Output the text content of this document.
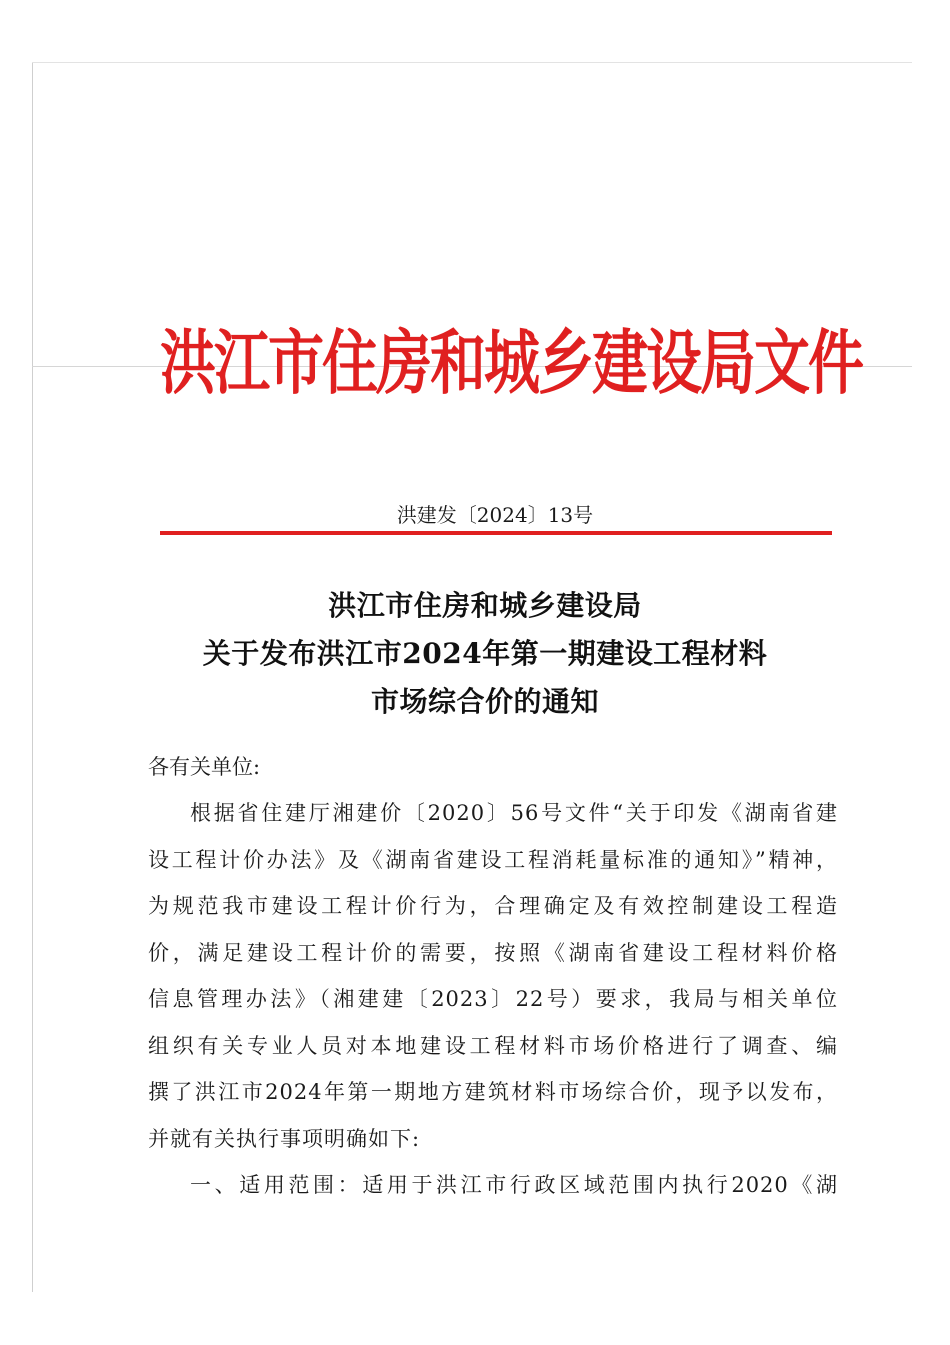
洪江市住房和城乡建设局文件
洪建发〔2024〕13号
洪江市住房和城乡建设局
关于发布洪江市2024年第一期建设工程材料
市场综合价的通知
各有关单位:
根据省住建厅湘建价〔2020〕56号文件“关于印发《湖南省建
设工程计价办法》及《湖南省建设工程消耗量标准的通知》”精神，
为规范我市建设工程计价行为，合理确定及有效控制建设工程造
价，满足建设工程计价的需要，按照《湖南省建设工程材料价格
信息管理办法》（湘建建〔2023〕22号）要求，我局与相关单位
组织有关专业人员对本地建设工程材料市场价格进行了调查、编
撰了洪江市2024年第一期地方建筑材料市场综合价，现予以发布，
并就有关执行事项明确如下:
一、适用范围：适用于洪江市行政区域范围内执行2020《湖
